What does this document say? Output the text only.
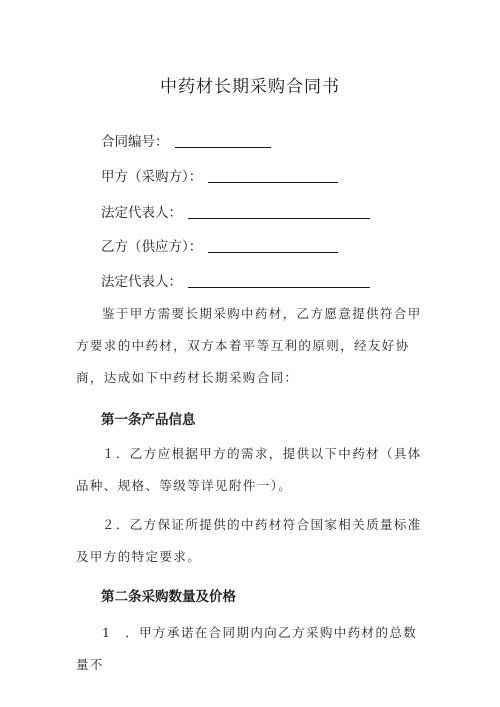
中药材长期采购合同书
合同编号：
甲方（采购方）：
法定代表人：
乙方（供应方）：
法定代表人：

鉴于甲方需要长期采购中药材，乙方愿意提供符合甲方要求的中药材，双方本着平等互利的原则，经友好协商，达成如下中药材长期采购合同：

第一条产品信息

１．乙方应根据甲方的需求，提供以下中药材（具体品种、规格、等级等详见附件一）。

２．乙方保证所提供的中药材符合国家相关质量标准及甲方的特定要求。

第二条采购数量及价格

1　．甲方承诺在合同期内向乙方采购中药材的总数量不
